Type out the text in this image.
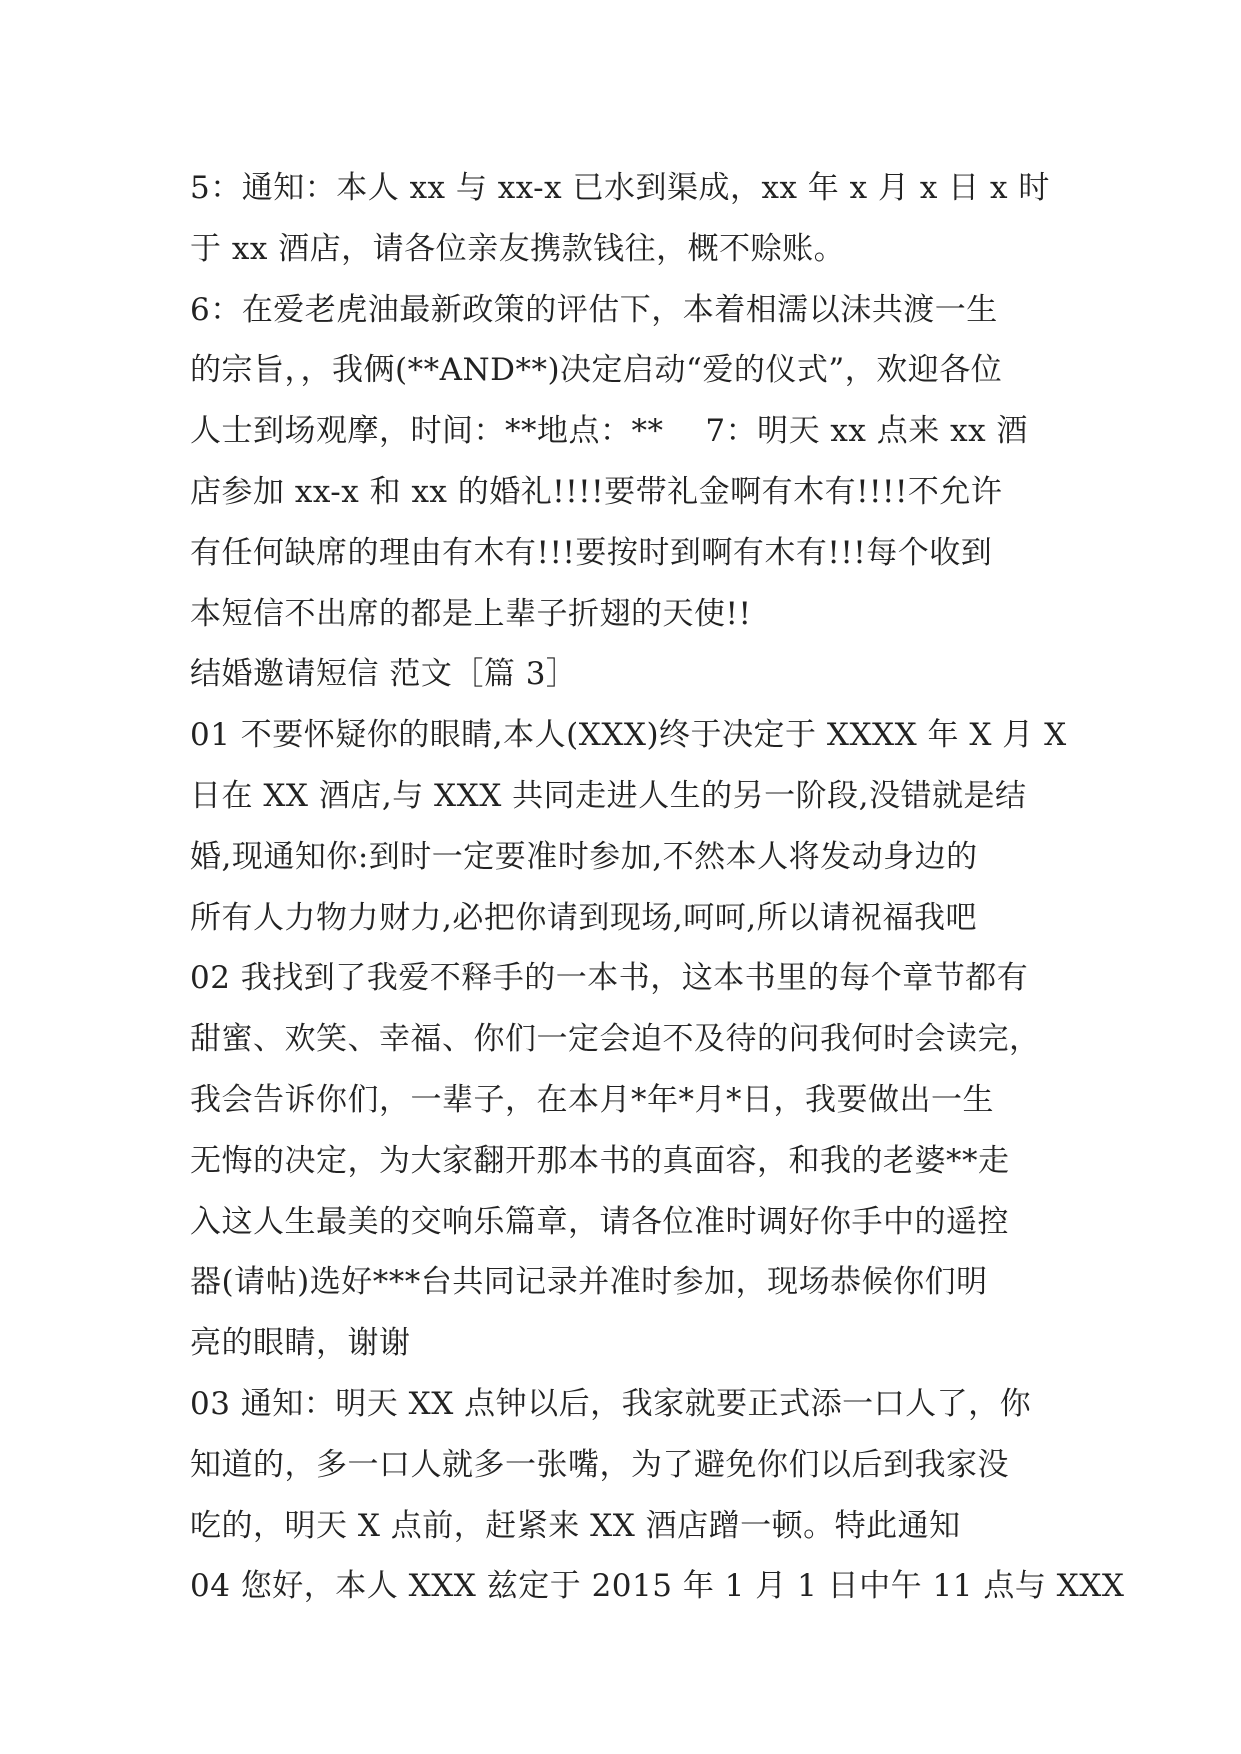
5：通知：本人 xx 与 xx-x 已水到渠成，xx 年 x 月 x 日 x 时
于 xx 酒店，请各位亲友携款钱往，概不赊账。
6：在爱老虎油最新政策的评估下，本着相濡以沫共渡一生
的宗旨，，我俩(**AND**)决定启动“爱的仪式”，欢迎各位
人士到场观摩，时间：**地点：**　 7：明天 xx 点来 xx 酒
店参加 xx-x 和 xx 的婚礼!!!!要带礼金啊有木有!!!!不允许
有任何缺席的理由有木有!!!要按时到啊有木有!!!每个收到
本短信不出席的都是上辈子折翅的天使!!
结婚邀请短信 范文［篇 3］
01 不要怀疑你的眼睛,本人(XXX)终于决定于 XXXX 年 X 月 X
日在 XX 酒店,与 XXX 共同走进人生的另一阶段,没错就是结
婚,现通知你:到时一定要准时参加,不然本人将发动身边的
所有人力物力财力,必把你请到现场,呵呵,所以请祝福我吧
02 我找到了我爱不释手的一本书，这本书里的每个章节都有
甜蜜、欢笑、幸福、你们一定会迫不及待的问我何时会读完，
我会告诉你们，一辈子，在本月*年*月*日，我要做出一生
无悔的决定，为大家翻开那本书的真面容，和我的老婆**走
入这人生最美的交响乐篇章，请各位准时调好你手中的遥控
器(请帖)选好***台共同记录并准时参加，现场恭候你们明
亮的眼睛，谢谢
03 通知：明天 XX 点钟以后，我家就要正式添一口人了，你
知道的，多一口人就多一张嘴，为了避免你们以后到我家没
吃的，明天 X 点前，赶紧来 XX 酒店蹭一顿。特此通知
04 您好，本人 XXX 兹定于 2015 年 1 月 1 日中午 11 点与 XXX
